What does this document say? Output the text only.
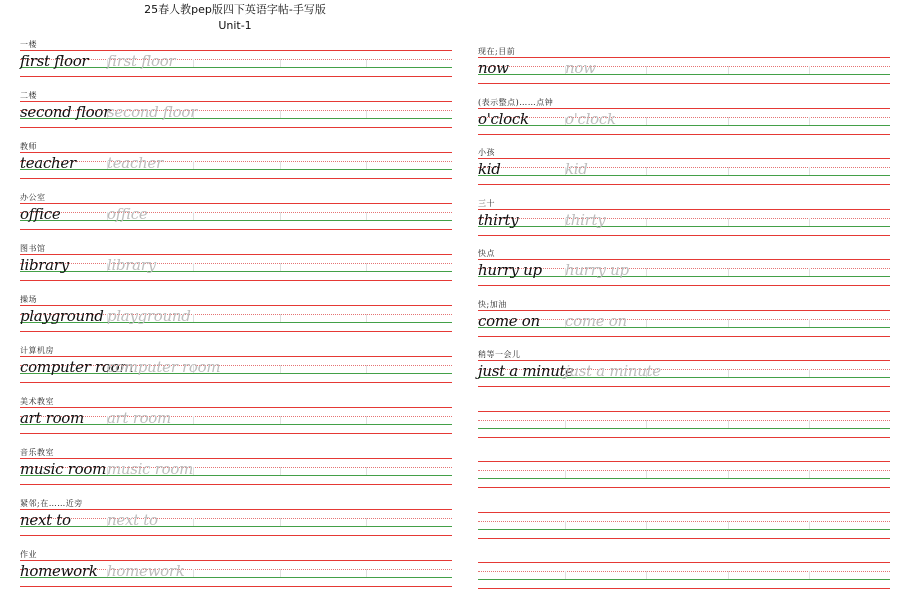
25春人教pep版四下英语字帖-手写版
Unit-1
一楼
first floor first floor
二楼
second floor
second floor
教师
teacher teacher
办公室
office	office
图书馆
library	library
操场
playground playground
计算机房
computer room
computer room
美术教室
art room art room
音乐教室
music room music room
紧邻;在……近旁
next to next to
作业
homework homework
现在;目前
now	now
(表示整点)……点钟
o'clock o'clock
小孩
kid	kid
三十
thirty	thirty
快点
hurry up hurry up
快;加油
come on come on
稍等一会儿
just a minute
just a minute
